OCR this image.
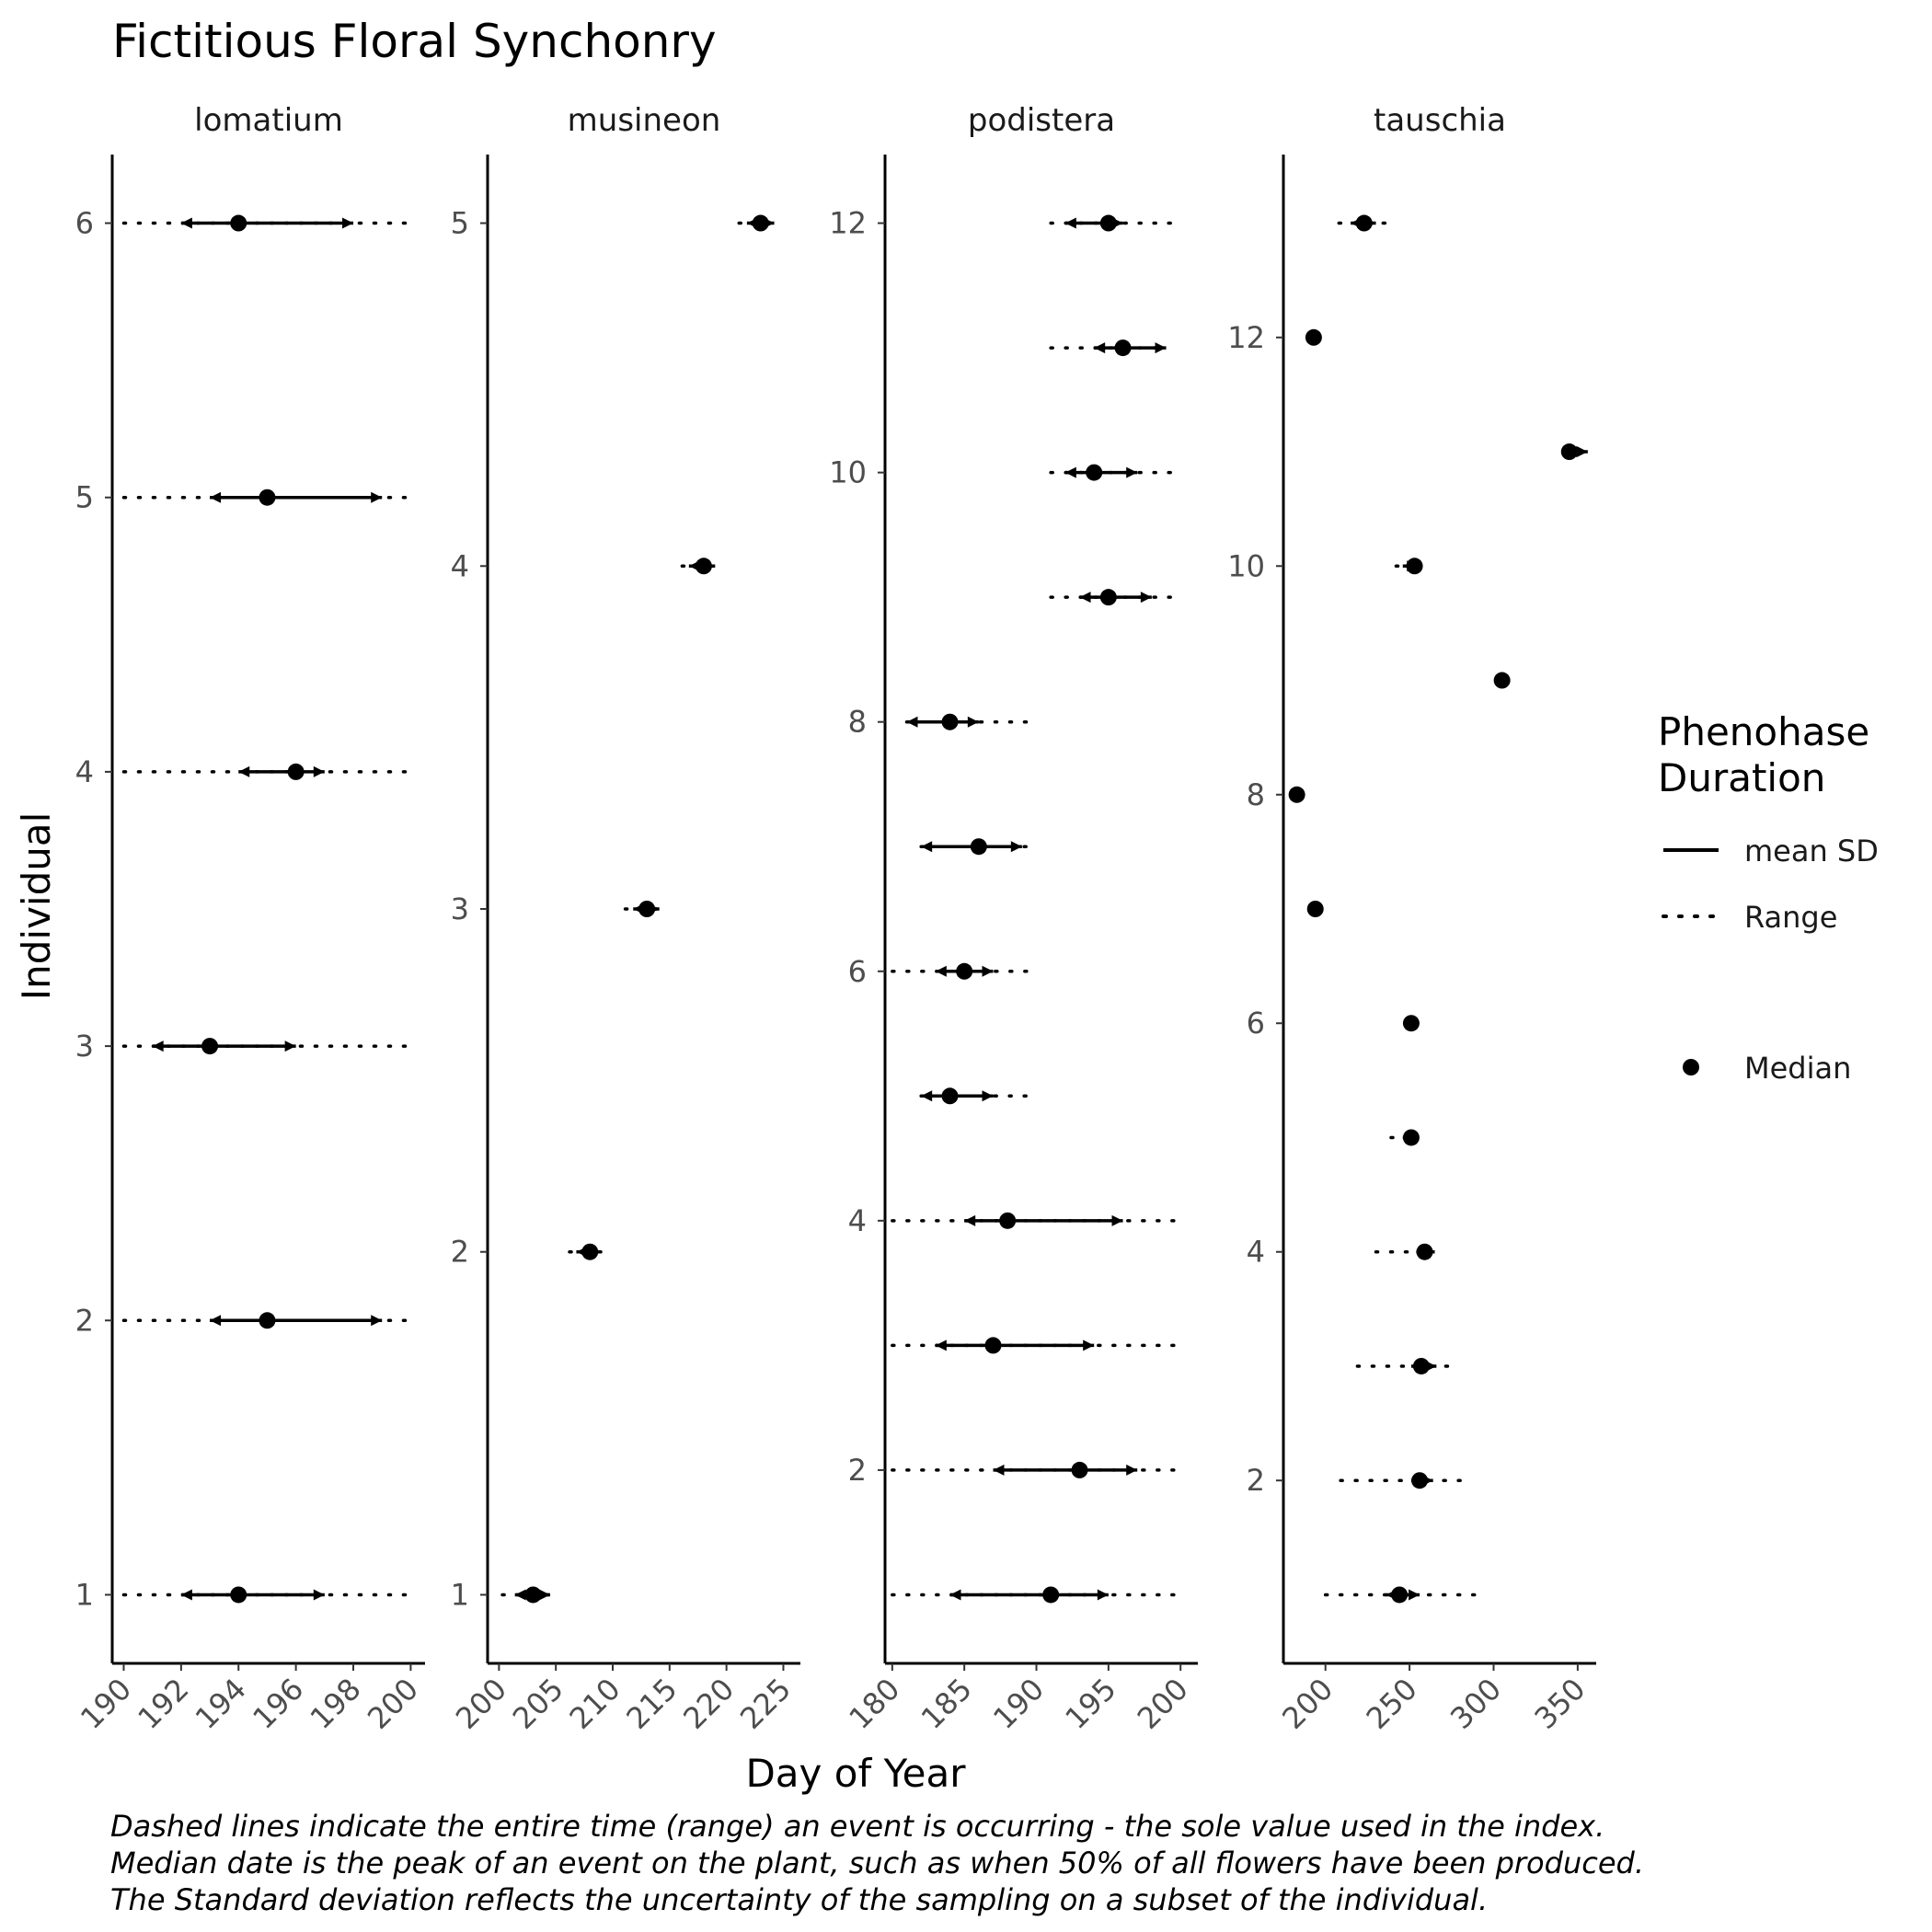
Fictitious Floral Synchonry
lomatium
1
2
3
4
5
6
190
192
194
196
198
200
musineon
1
2
3
4
5
200
205
210
215
220
225
podistera
2
4
6
8
10
12
180 185 190 195 200
tauschia
2
4
6
8
10
12
200 250 300 350
Day of Year
Individual
Phenohase
Duration
mean SD
Range
Median
Dashed lines indicate the entire time (range) an event is occurring - the sole value used in the index.
Median date is the peak of an event on the plant, such as when 50% of all flowers have been produced.
The Standard deviation reflects the uncertainty of the sampling on a subset of the individual.
